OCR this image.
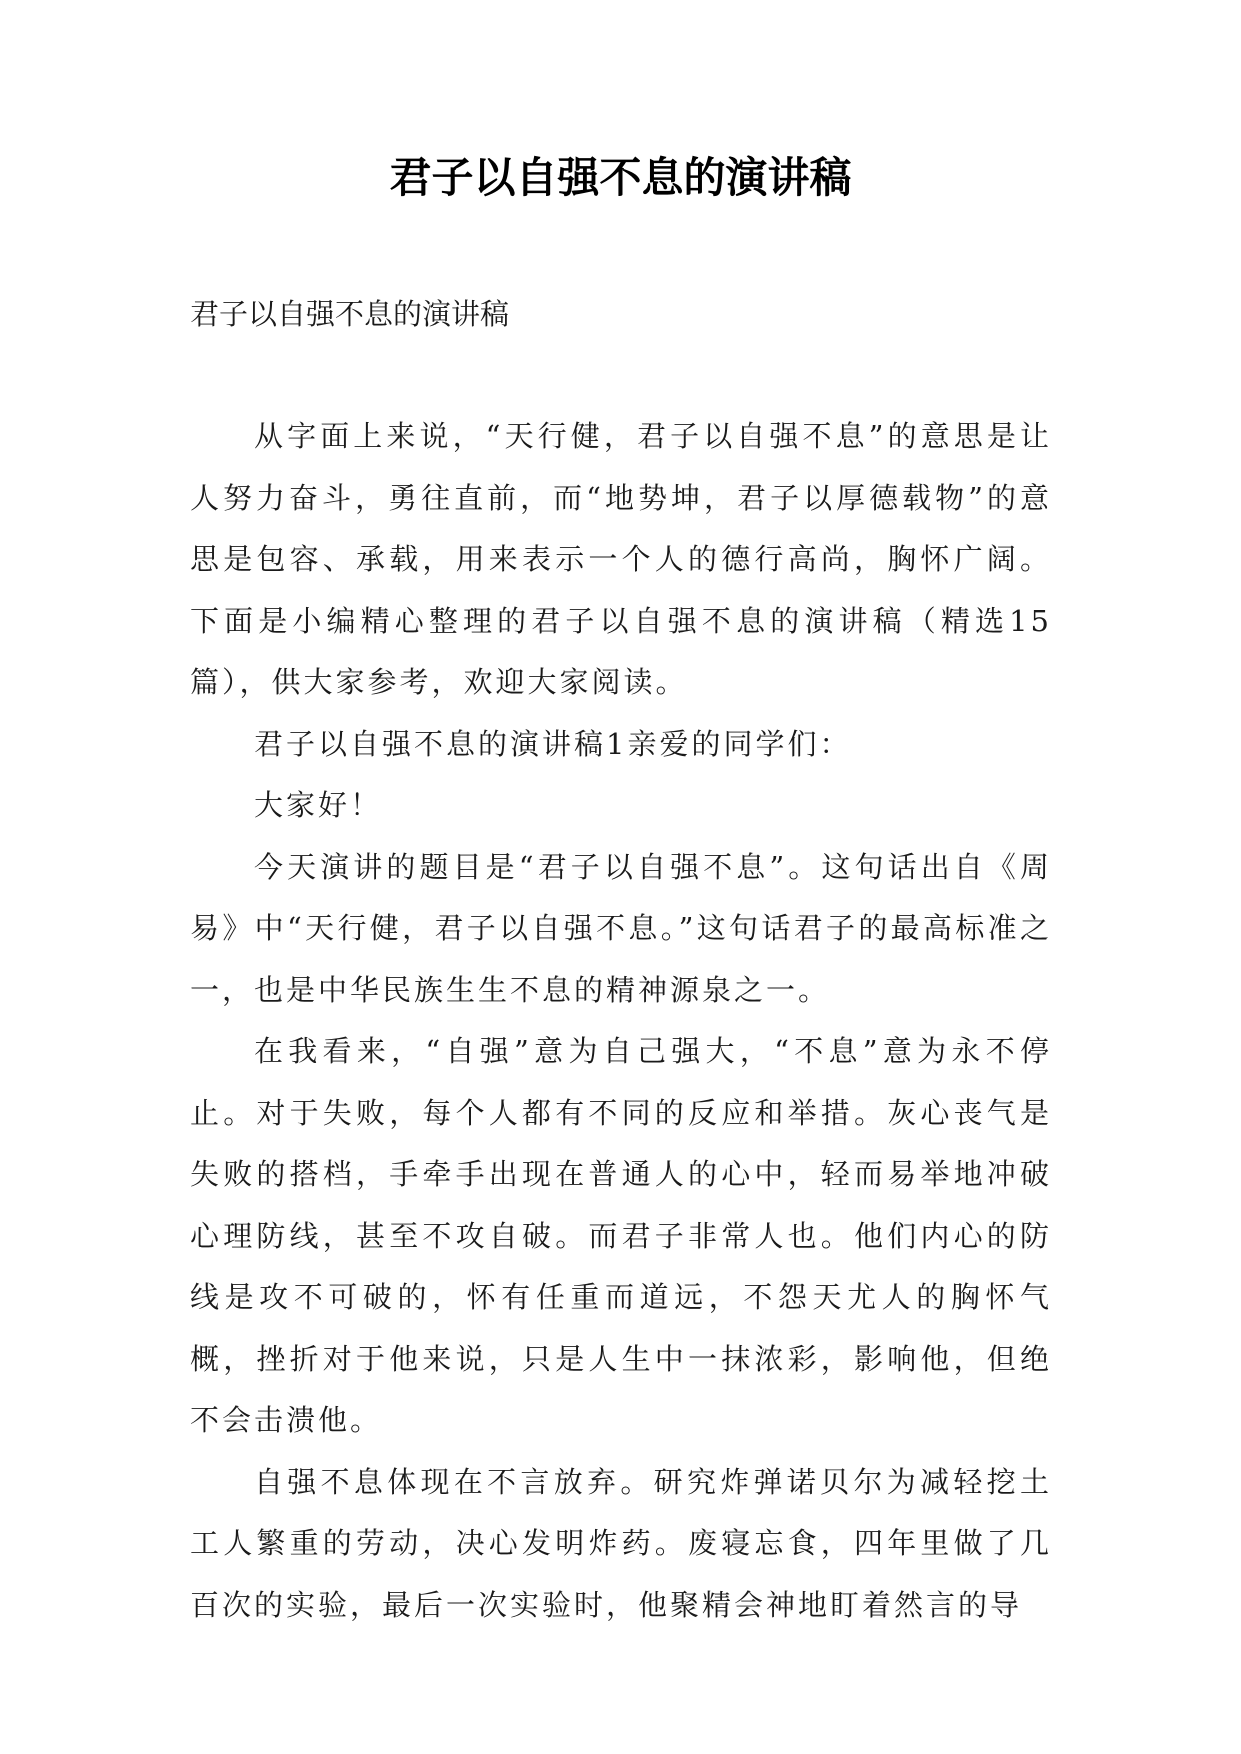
君子以自强不息的演讲稿
君子以自强不息的演讲稿

从字面上来说，“天行健，君子以自强不息”的意思是让人努力奋斗，勇往直前，而“地势坤，君子以厚德载物”的意思是包容、承载，用来表示一个人的德行高尚，胸怀广阔。下面是小编精心整理的君子以自强不息的演讲稿（精选15篇），供大家参考，欢迎大家阅读。

君子以自强不息的演讲稿1亲爱的同学们：

大家好！

今天演讲的题目是“君子以自强不息”。这句话出自《周易》中“天行健，君子以自强不息。”这句话君子的最高标准之一，也是中华民族生生不息的精神源泉之一。

在我看来，“自强”意为自己强大，“不息”意为永不停止。对于失败，每个人都有不同的反应和举措。灰心丧气是失败的搭档，手牵手出现在普通人的心中，轻而易举地冲破心理防线，甚至不攻自破。而君子非常人也。他们内心的防线是攻不可破的，怀有任重而道远，不怨天尤人的胸怀气概，挫折对于他来说，只是人生中一抹浓彩，影响他，但绝不会击溃他。

自强不息体现在不言放弃。研究炸弹诺贝尔为减轻挖土工人繁重的劳动，决心发明炸药。废寝忘食，四年里做了几百次的实验，最后一次实验时，他聚精会神地盯着然言的导
